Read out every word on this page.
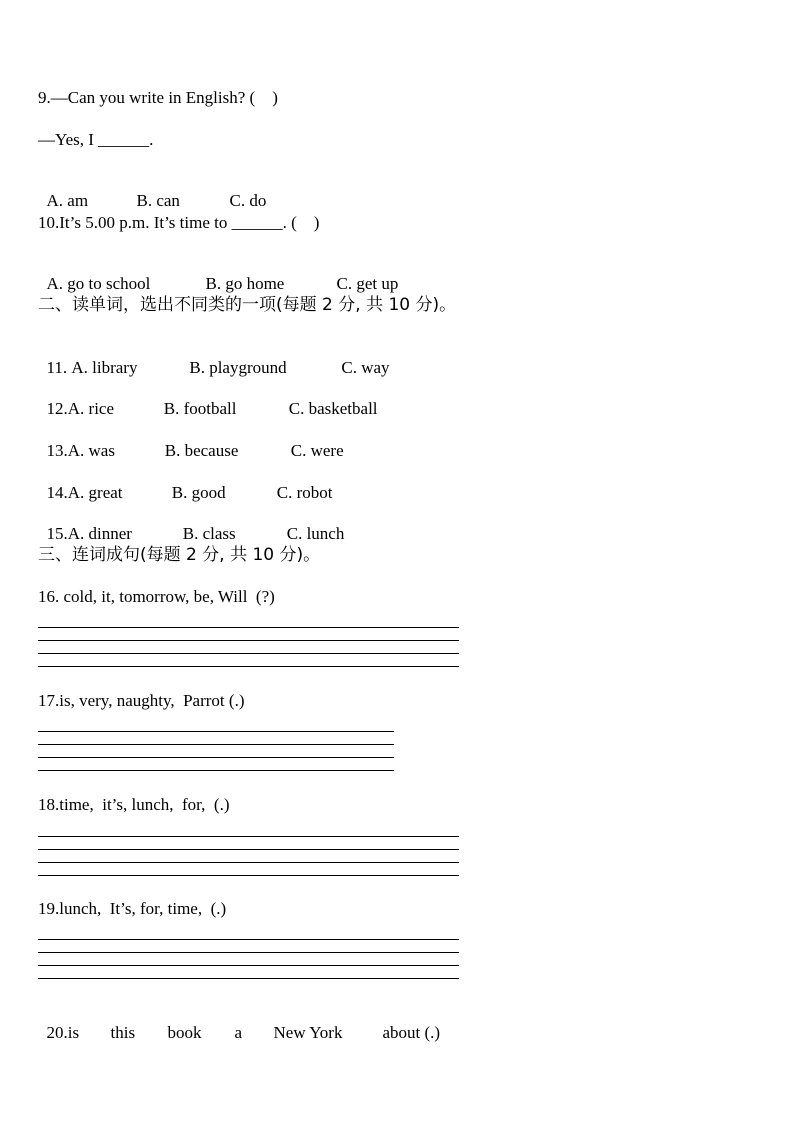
9.—Can you write in English? (    )
—Yes, I ______.

A. am	B. can	C. do

10.It’s 5.00 p.m. It’s time to ______. (    )

A. go to school	B. go home	C. get up

二、读单词，选出不同类的一项(每题 2 分, 共 10 分)。

11. A. library	B. playground	C. way

12.A. rice	B. football	C. basketball

13.A. was	B. because	C. were

14.A. great	B. good	C. robot

15.A. dinner	B. class	C. lunch

三、连词成句(每题 2 分, 共 10 分)。
16. cold, it, tomorrow, be, Will  (?)
17.is, very, naughty,  Parrot (.)
18.time,  it’s, lunch,  for,  (.)
19.lunch,  It’s, for, time,  (.)

20.is this book a New York about (.)
